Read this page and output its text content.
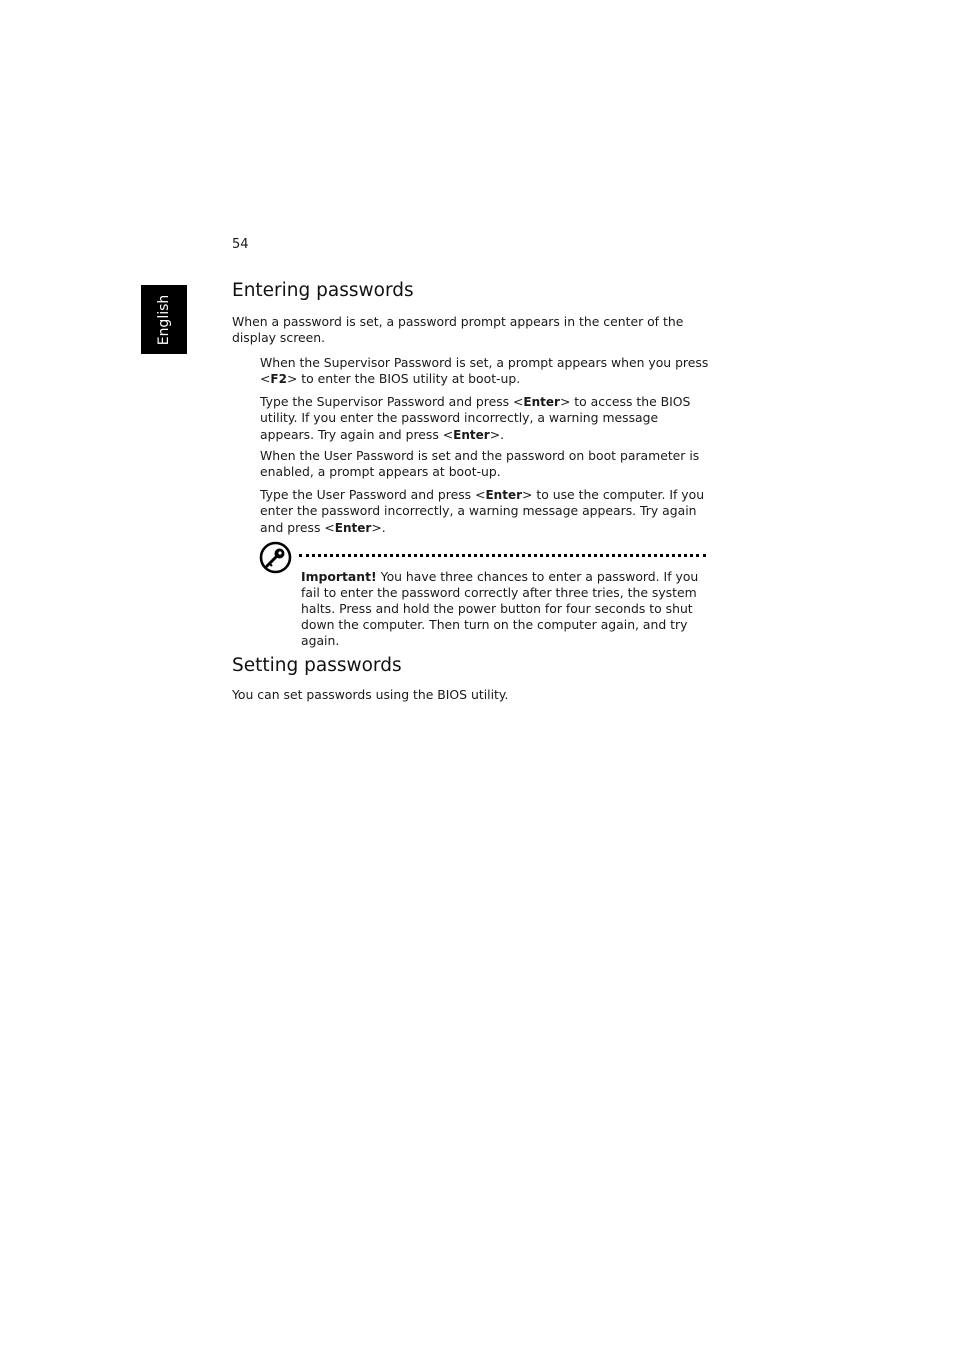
54
English
Entering passwords

When a password is set, a password prompt appears in the center of the display screen.

When the Supervisor Password is set, a prompt appears when you press <F2> to enter the BIOS utility at boot-up.

Type the Supervisor Password and press <Enter> to access the BIOS utility. If you enter the password incorrectly, a warning message appears. Try again and press <Enter>.

When the User Password is set and the password on boot parameter is enabled, a prompt appears at boot-up.

Type the User Password and press <Enter> to use the computer. If you enter the password incorrectly, a warning message appears. Try again and press <Enter>.

Important! You have three chances to enter a password. If you fail to enter the password correctly after three tries, the system halts. Press and hold the power button for four seconds to shut down the computer. Then turn on the computer again, and try again.
Setting passwords

You can set passwords using the BIOS utility.
